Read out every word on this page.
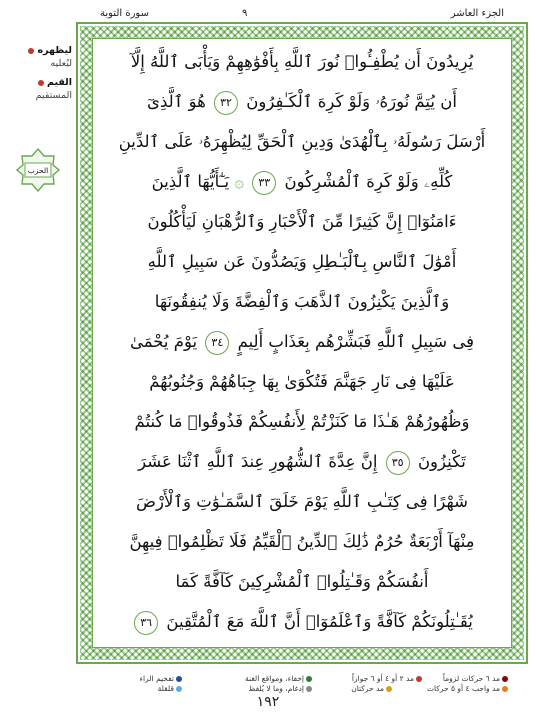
سورة التوبة	٩	الجزء العاشر
ليظهره
ليُعليه
القيم
المستقيم
الحزب
يُرِيدُونَ أَن يُطْفِـُٔوا۟ نُورَ ٱللَّهِ بِأَفْوَٰهِهِمْ وَيَأْبَى ٱللَّهُ إِلَّآ
أَن يُتِمَّ نُورَهُۥ وَلَوْ كَرِهَ ٱلْكَـٰفِرُونَ ٣٢ هُوَ ٱلَّذِىٓ
أَرْسَلَ رَسُولَهُۥ بِٱلْهُدَىٰ وَدِينِ ٱلْحَقِّ لِيُظْهِرَهُۥ عَلَى ٱلدِّينِ
كُلِّهِۦ وَلَوْ كَرِهَ ٱلْمُشْرِكُونَ ٣٣ ۞ يَـٰٓأَيُّهَا ٱلَّذِينَ
ءَامَنُوٓا۟ إِنَّ كَثِيرًا مِّنَ ٱلْأَحْبَارِ وَٱلرُّهْبَانِ لَيَأْكُلُونَ
أَمْوَٰلَ ٱلنَّاسِ بِٱلْبَـٰطِلِ وَيَصُدُّونَ عَن سَبِيلِ ٱللَّهِ
وَٱلَّذِينَ يَكْنِزُونَ ٱلذَّهَبَ وَٱلْفِضَّةَ وَلَا يُنفِقُونَهَا
فِى سَبِيلِ ٱللَّهِ فَبَشِّرْهُم بِعَذَابٍ أَلِيمٍ ٣٤ يَوْمَ يُحْمَىٰ
عَلَيْهَا فِى نَارِ جَهَنَّمَ فَتُكْوَىٰ بِهَا جِبَاهُهُمْ وَجُنُوبُهُمْ
وَظُهُورُهُمْ هَـٰذَا مَا كَنَزْتُمْ لِأَنفُسِكُمْ فَذُوقُوا۟ مَا كُنتُمْ
تَكْنِزُونَ ٣٥ إِنَّ عِدَّةَ ٱلشُّهُورِ عِندَ ٱللَّهِ ٱثْنَا عَشَرَ
شَهْرًا فِى كِتَـٰبِ ٱللَّهِ يَوْمَ خَلَقَ ٱلسَّمَـٰوَٰتِ وَٱلْأَرْضَ
مِنْهَآ أَرْبَعَةٌ حُرُمٌ ذَٰلِكَ ٱلدِّينُ ٱلْقَيِّمُ فَلَا تَظْلِمُوا۟ فِيهِنَّ
أَنفُسَكُمْ وَقَـٰتِلُوا۟ ٱلْمُشْرِكِينَ كَآفَّةً كَمَا
يُقَـٰتِلُونَكُمْ كَآفَّةً وَٱعْلَمُوٓا۟ أَنَّ ٱللَّهَ مَعَ ٱلْمُتَّقِينَ ٣٦
مد ٦ حركات لزوماً
مد ٢ أو ٤ أو ٦ جوازاً
إخفاء، ومواقع الغنة
تفخيم الراء
مد واجب ٤ أو ٥ حركات
مد حركتان
إدغام، وما لا يُلفظ
قلقلة
١٩٢
